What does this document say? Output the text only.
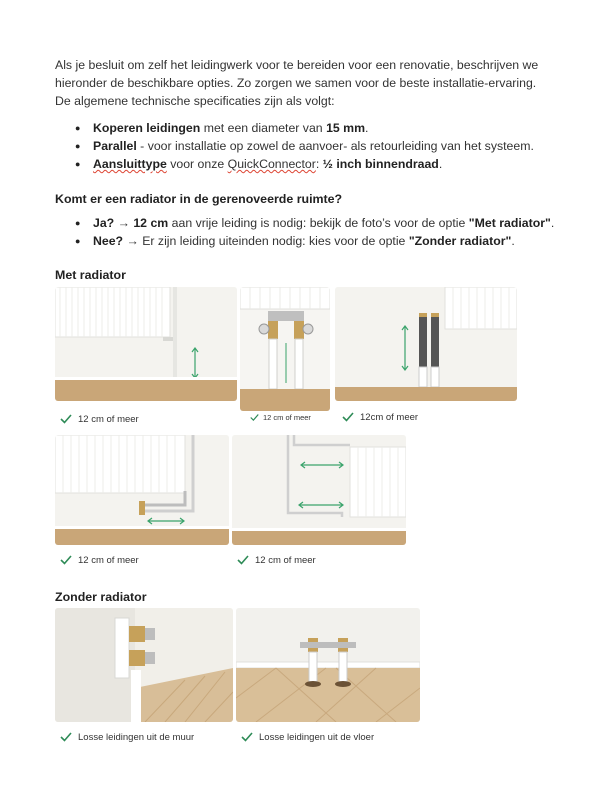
Als je besluit om zelf het leidingwerk voor te bereiden voor een renovatie, beschrijven we
hieronder de beschikbare opties. Zo zorgen we samen voor de beste installatie-ervaring.
De algemene technische specificaties zijn als volgt:
● Koperen leidingen met een diameter van 15 mm.
● Parallel - voor installatie op zowel de aanvoer- als retourleiding van het systeem.
● Aansluittype voor onze QuickConnector: ½ inch binnendraad.
Komt er een radiator in de gerenoveerde ruimte?
● Ja? → 12 cm aan vrije leiding is nodig: bekijk de foto’s voor de optie "Met radiator".
● Nee? → Er zijn leiding uiteinden nodig: kies voor de optie "Zonder radiator".
Met radiator
12 cm of meer	12 cm of meer	12cm of meer
12 cm of meer	12 cm of meer
Zonder radiator
Losse leidingen uit de muur	Losse leidingen uit de vloer
